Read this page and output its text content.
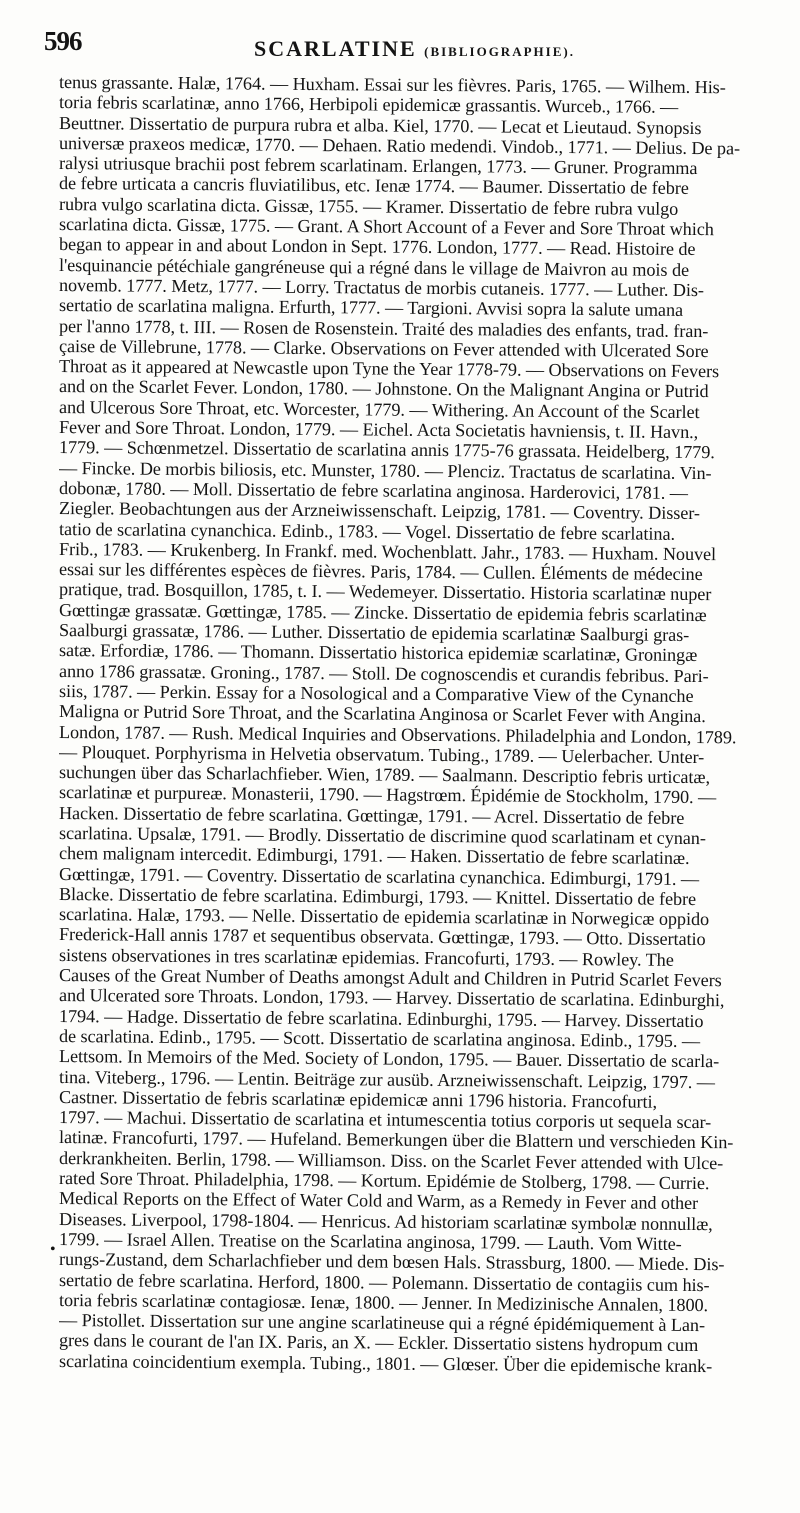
596	SCARLATINE (BIBLIOGRAPHIE).
tenus grassante. Halæ, 1764. — Huxham. Essai sur les fièvres. Paris, 1765. — Wilhem. His-
toria febris scarlatinæ, anno 1766, Herbipoli epidemicæ grassantis. Wurceb., 1766. —
Beuttner. Dissertatio de purpura rubra et alba. Kiel, 1770. — Lecat et Lieutaud. Synopsis
universæ praxeos medicæ, 1770. — Dehaen. Ratio medendi. Vindob., 1771. — Delius. De pa-
ralysi utriusque brachii post febrem scarlatinam. Erlangen, 1773. — Gruner. Programma
de febre urticata a cancris fluviatilibus, etc. Ienæ 1774. — Baumer. Dissertatio de febre
rubra vulgo scarlatina dicta. Gissæ, 1755. — Kramer. Dissertatio de febre rubra vulgo
scarlatina dicta. Gissæ, 1775. — Grant. A Short Account of a Fever and Sore Throat which
began to appear in and about London in Sept. 1776. London, 1777. — Read. Histoire de
l'esquinancie pétéchiale gangréneuse qui a régné dans le village de Maivron au mois de
novemb. 1777. Metz, 1777. — Lorry. Tractatus de morbis cutaneis. 1777. — Luther. Dis-
sertatio de scarlatina maligna. Erfurth, 1777. — Targioni. Avvisi sopra la salute umana
per l'anno 1778, t. III. — Rosen de Rosenstein. Traité des maladies des enfants, trad. fran-
çaise de Villebrune, 1778. — Clarke. Observations on Fever attended with Ulcerated Sore
Throat as it appeared at Newcastle upon Tyne the Year 1778-79. — Observations on Fevers
and on the Scarlet Fever. London, 1780. — Johnstone. On the Malignant Angina or Putrid
and Ulcerous Sore Throat, etc. Worcester, 1779. — Withering. An Account of the Scarlet
Fever and Sore Throat. London, 1779. — Eichel. Acta Societatis havniensis, t. II. Havn.,
1779. — Schœnmetzel. Dissertatio de scarlatina annis 1775-76 grassata. Heidelberg, 1779.
— Fincke. De morbis biliosis, etc. Munster, 1780. — Plenciz. Tractatus de scarlatina. Vin-
dobonæ, 1780. — Moll. Dissertatio de febre scarlatina anginosa. Harderovici, 1781. —
Ziegler. Beobachtungen aus der Arzneiwissenschaft. Leipzig, 1781. — Coventry. Disser-
tatio de scarlatina cynanchica. Edinb., 1783. — Vogel. Dissertatio de febre scarlatina.
Frib., 1783. — Krukenberg. In Frankf. med. Wochenblatt. Jahr., 1783. — Huxham. Nouvel
essai sur les différentes espèces de fièvres. Paris, 1784. — Cullen. Éléments de médecine
pratique, trad. Bosquillon, 1785, t. I. — Wedemeyer. Dissertatio. Historia scarlatinæ nuper
Gœttingæ grassatæ. Gœttingæ, 1785. — Zincke. Dissertatio de epidemia febris scarlatinæ
Saalburgi grassatæ, 1786. — Luther. Dissertatio de epidemia scarlatinæ Saalburgi gras-
satæ. Erfordiæ, 1786. — Thomann. Dissertatio historica epidemiæ scarlatinæ, Groningæ
anno 1786 grassatæ. Groning., 1787. — Stoll. De cognoscendis et curandis febribus. Pari-
siis, 1787. — Perkin. Essay for a Nosological and a Comparative View of the Cynanche
Maligna or Putrid Sore Throat, and the Scarlatina Anginosa or Scarlet Fever with Angina.
London, 1787. — Rush. Medical Inquiries and Observations. Philadelphia and London, 1789.
— Plouquet. Porphyrisma in Helvetia observatum. Tubing., 1789. — Uelerbacher. Unter-
suchungen über das Scharlachfieber. Wien, 1789. — Saalmann. Descriptio febris urticatæ,
scarlatinæ et purpureæ. Monasterii, 1790. — Hagstrœm. Épidémie de Stockholm, 1790. —
Hacken. Dissertatio de febre scarlatina. Gœttingæ, 1791. — Acrel. Dissertatio de febre
scarlatina. Upsalæ, 1791. — Brodly. Dissertatio de discrimine quod scarlatinam et cynan-
chem malignam intercedit. Edimburgi, 1791. — Haken. Dissertatio de febre scarlatinæ.
Gœttingæ, 1791. — Coventry. Dissertatio de scarlatina cynanchica. Edimburgi, 1791. —
Blacke. Dissertatio de febre scarlatina. Edimburgi, 1793. — Knittel. Dissertatio de febre
scarlatina. Halæ, 1793. — Nelle. Dissertatio de epidemia scarlatinæ in Norwegicæ oppido
Frederick-Hall annis 1787 et sequentibus observata. Gœttingæ, 1793. — Otto. Dissertatio
sistens observationes in tres scarlatinæ epidemias. Francofurti, 1793. — Rowley. The
Causes of the Great Number of Deaths amongst Adult and Children in Putrid Scarlet Fevers
and Ulcerated sore Throats. London, 1793. — Harvey. Dissertatio de scarlatina. Edinburghi,
1794. — Hadge. Dissertatio de febre scarlatina. Edinburghi, 1795. — Harvey. Dissertatio
de scarlatina. Edinb., 1795. — Scott. Dissertatio de scarlatina anginosa. Edinb., 1795. —
Lettsom. In Memoirs of the Med. Society of London, 1795. — Bauer. Dissertatio de scarla-
tina. Viteberg., 1796. — Lentin. Beiträge zur ausüb. Arzneiwissenschaft. Leipzig, 1797. —
Castner. Dissertatio de febris scarlatinæ epidemicæ anni 1796 historia. Francofurti,
1797. — Machui. Dissertatio de scarlatina et intumescentia totius corporis ut sequela scar-
latinæ. Francofurti, 1797. — Hufeland. Bemerkungen über die Blattern und verschieden Kin-
derkrankheiten. Berlin, 1798. — Williamson. Diss. on the Scarlet Fever attended with Ulce-
rated Sore Throat. Philadelphia, 1798. — Kortum. Epidémie de Stolberg, 1798. — Currie.
Medical Reports on the Effect of Water Cold and Warm, as a Remedy in Fever and other
Diseases. Liverpool, 1798-1804. — Henricus. Ad historiam scarlatinæ symbolæ nonnullæ,
1799. — Israel Allen. Treatise on the Scarlatina anginosa, 1799. — Lauth. Vom Witte-
rungs-Zustand, dem Scharlachfieber und dem bœsen Hals. Strassburg, 1800. — Miede. Dis-
sertatio de febre scarlatina. Herford, 1800. — Polemann. Dissertatio de contagiis cum his-
toria febris scarlatinæ contagiosæ. Ienæ, 1800. — Jenner. In Medizinische Annalen, 1800.
— Pistollet. Dissertation sur une angine scarlatineuse qui a régné épidémiquement à Lan-
gres dans le courant de l'an IX. Paris, an X. — Eckler. Dissertatio sistens hydropum cum
scarlatina coincidentium exempla. Tubing., 1801. — Glœser. Über die epidemische krank-
•
